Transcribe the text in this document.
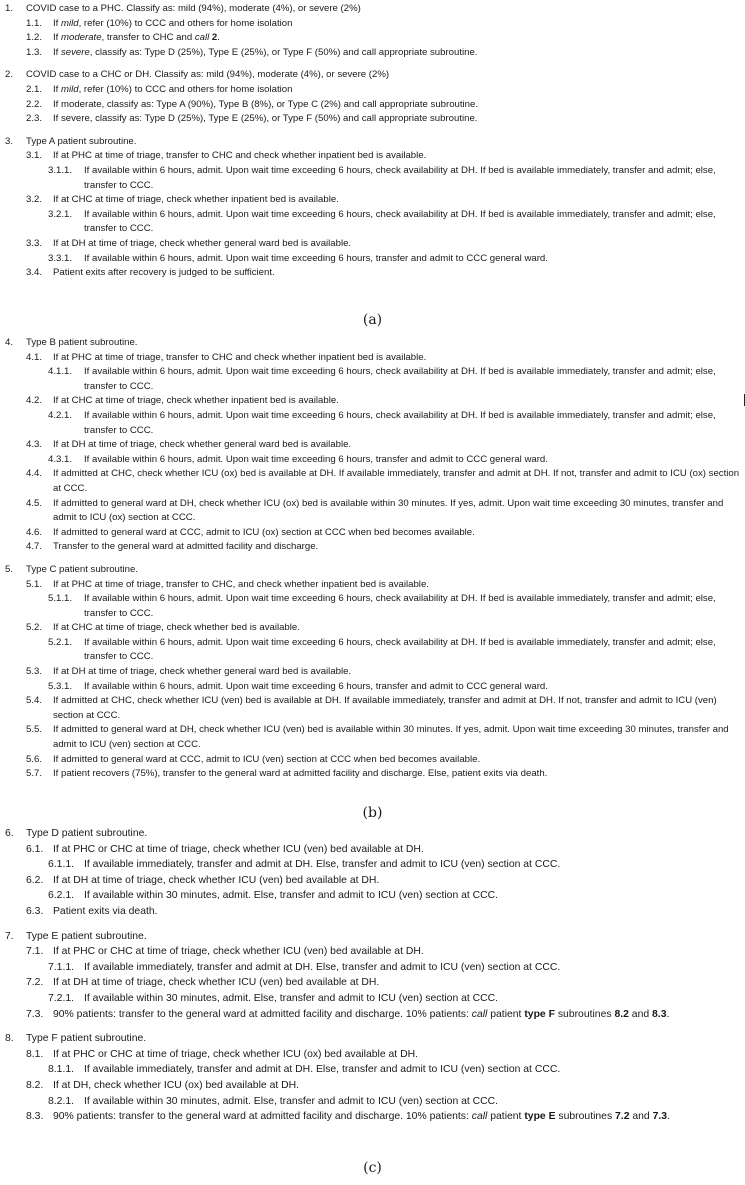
1.	COVID case to a PHC. Classify as: mild (94%), moderate (4%), or severe (2%)
1.1.	If mild, refer (10%) to CCC and others for home isolation
1.2.	If moderate, transfer to CHC and call 2.
1.3.	If severe, classify as: Type D (25%), Type E (25%), or Type F (50%) and call appropriate subroutine.
2.	COVID case to a CHC or DH. Classify as: mild (94%), moderate (4%), or severe (2%)
2.1.	If mild, refer (10%) to CCC and others for home isolation
2.2.	If moderate, classify as: Type A (90%), Type B (8%), or Type C (2%) and call appropriate subroutine.
2.3.	If severe, classify as: Type D (25%), Type E (25%), or Type F (50%) and call appropriate subroutine.
3.	Type A patient subroutine.
3.1.	If at PHC at time of triage, transfer to CHC and check whether inpatient bed is available.
3.1.1.	If available within 6 hours, admit. Upon wait time exceeding 6 hours, check availability at DH. If bed is available immediately, transfer and admit; else, transfer to CCC.
3.2.	If at CHC at time of triage, check whether inpatient bed is available.
3.2.1.	If available within 6 hours, admit. Upon wait time exceeding 6 hours, check availability at DH. If bed is available immediately, transfer and admit; else, transfer to CCC.
3.3.	If at DH at time of triage, check whether general ward bed is available.
3.3.1.	If available within 6 hours, admit. Upon wait time exceeding 6 hours, transfer and admit to CCC general ward.
3.4.	Patient exits after recovery is judged to be sufficient.
(a)
4.	Type B patient subroutine.
4.1.	If at PHC at time of triage, transfer to CHC and check whether inpatient bed is available.
4.1.1.	If available within 6 hours, admit. Upon wait time exceeding 6 hours, check availability at DH. If bed is available immediately, transfer and admit; else, transfer to CCC.
4.2.	If at CHC at time of triage, check whether inpatient bed is available.
4.2.1.	If available within 6 hours, admit. Upon wait time exceeding 6 hours, check availability at DH. If bed is available immediately, transfer and admit; else, transfer to CCC.
4.3.	If at DH at time of triage, check whether general ward bed is available.
4.3.1.	If available within 6 hours, admit. Upon wait time exceeding 6 hours, transfer and admit to CCC general ward.
4.4.	If admitted at CHC, check whether ICU (ox) bed is available at DH. If available immediately, transfer and admit at DH. If not, transfer and admit to ICU (ox) section at CCC.
4.5.	If admitted to general ward at DH, check whether ICU (ox) bed is available within 30 minutes. If yes, admit. Upon wait time exceeding 30 minutes, transfer and admit to ICU (ox) section at CCC.
4.6.	If admitted to general ward at CCC, admit to ICU (ox) section at CCC when bed becomes available.
4.7.	Transfer to the general ward at admitted facility and discharge.
5.	Type C patient subroutine.
5.1.	If at PHC at time of triage, transfer to CHC, and check whether inpatient bed is available.
5.1.1.	If available within 6 hours, admit. Upon wait time exceeding 6 hours, check availability at DH. If bed is available immediately, transfer and admit; else, transfer to CCC.
5.2.	If at CHC at time of triage, check whether bed is available.
5.2.1.	If available within 6 hours, admit. Upon wait time exceeding 6 hours, check availability at DH. If bed is available immediately, transfer and admit; else, transfer to CCC.
5.3.	If at DH at time of triage, check whether general ward bed is available.
5.3.1.	If available within 6 hours, admit. Upon wait time exceeding 6 hours, transfer and admit to CCC general ward.
5.4.	If admitted at CHC, check whether ICU (ven) bed is available at DH. If available immediately, transfer and admit at DH. If not, transfer and admit to ICU (ven) section at CCC.
5.5.	If admitted to general ward at DH, check whether ICU (ven) bed is available within 30 minutes. If yes, admit. Upon wait time exceeding 30 minutes, transfer and admit to ICU (ven) section at CCC.
5.6.	If admitted to general ward at CCC, admit to ICU (ven) section at CCC when bed becomes available.
5.7.	If patient recovers (75%), transfer to the general ward at admitted facility and discharge. Else, patient exits via death.
(b)
6.	Type D patient subroutine.
6.1. If at PHC or CHC at time of triage, check whether ICU (ven) bed available at DH.
6.1.1. If available immediately, transfer and admit at DH. Else, transfer and admit to ICU (ven) section at CCC.
6.2. If at DH at time of triage, check whether ICU (ven) bed available at DH.
6.2.1. If available within 30 minutes, admit. Else, transfer and admit to ICU (ven) section at CCC.
6.3. Patient exits via death.
7.	Type E patient subroutine.
7.1. If at PHC or CHC at time of triage, check whether ICU (ven) bed available at DH.
7.1.1. If available immediately, transfer and admit at DH. Else, transfer and admit to ICU (ven) section at CCC.
7.2. If at DH at time of triage, check whether ICU (ven) bed available at DH.
7.2.1. If available within 30 minutes, admit. Else, transfer and admit to ICU (ven) section at CCC.
7.3. 90% patients: transfer to the general ward at admitted facility and discharge. 10% patients: call patient type F subroutines 8.2 and 8.3.
8.	Type F patient subroutine.
8.1. If at PHC or CHC at time of triage, check whether ICU (ox) bed available at DH.
8.1.1. If available immediately, transfer and admit at DH. Else, transfer and admit to ICU (ven) section at CCC.
8.2. If at DH, check whether ICU (ox) bed available at DH.
8.2.1. If available within 30 minutes, admit. Else, transfer and admit to ICU (ven) section at CCC.
8.3. 90% patients: transfer to the general ward at admitted facility and discharge. 10% patients: call patient type E subroutines 7.2 and 7.3.
(c)
